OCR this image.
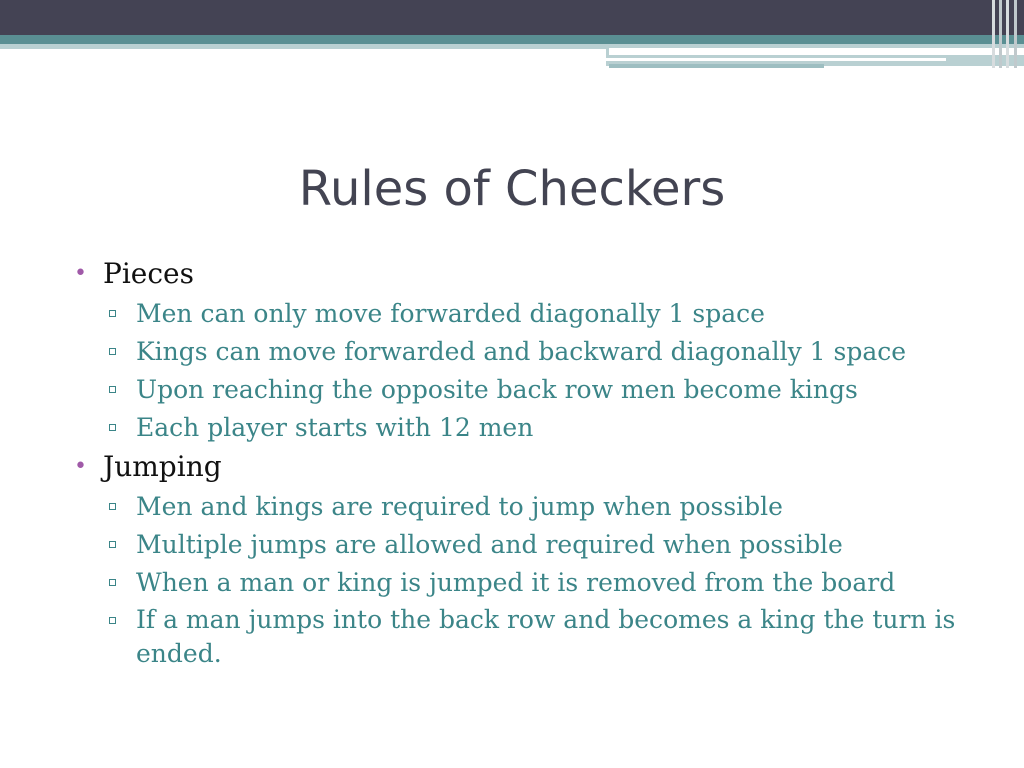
Rules of Checkers
• Pieces
Men can only move forwarded diagonally 1 space
Kings can move forwarded and backward diagonally 1 space
Upon reaching the opposite back row men become kings
Each player starts with 12 men
• Jumping
Men and kings are required to jump when possible
Multiple jumps are allowed and required when possible
When a man or king is jumped it is removed from the board
If a man jumps into the back row and becomes a king the turn is ended.
